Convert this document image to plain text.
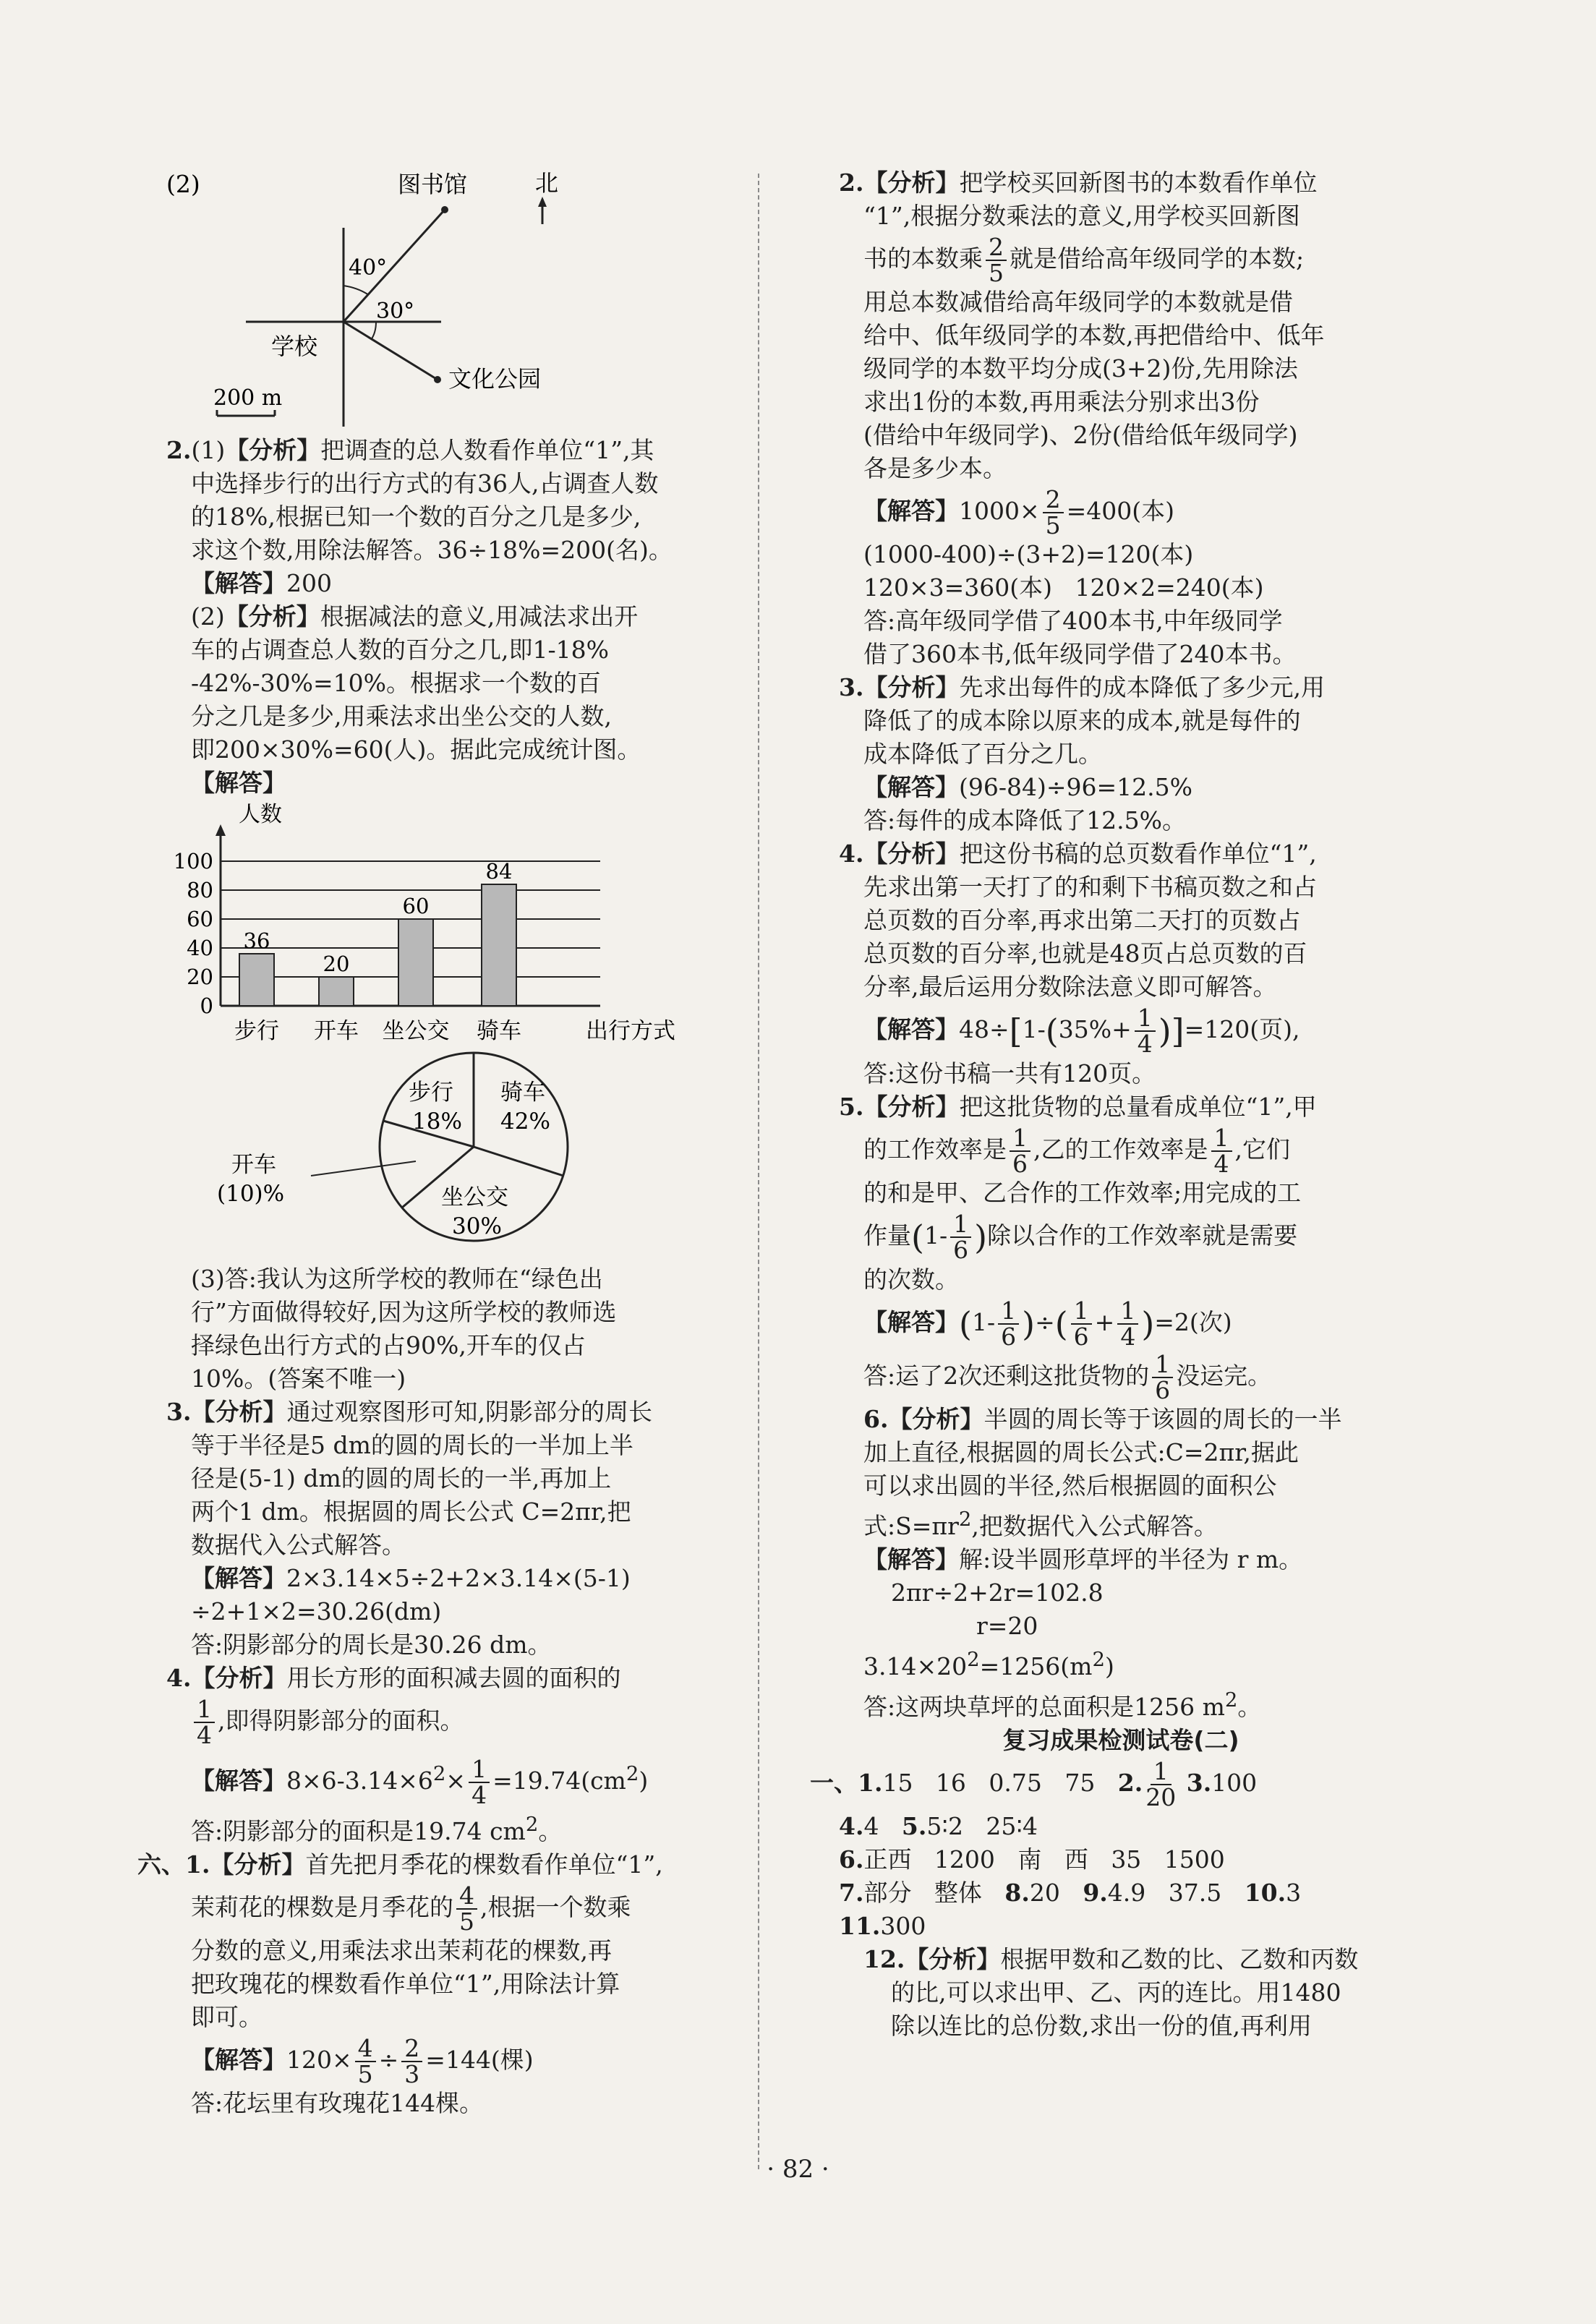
(2)	图书馆	北
40°
30°
学校
文化公园
200 m

2.(1)【分析】把调查的总人数看作单位“1”,其

中选择步行的出行方式的有36人,占调查人数

的18%,根据已知一个数的百分之几是多少,

求这个数,用除法解答。36÷18%=200(名)。

【解答】200

(2)【分析】根据减法的意义,用减法求出开

车的占调查总人数的百分之几,即1-18%

-42%-30%=10%。根据求一个数的百

分之几是多少,用乘法求出坐公交的人数,

即200×30%=60(人)。据此完成统计图。

【解答】

人数
出行方式
0
20
40
60
80
100
36
步行
20
开车
60
坐公交
84
骑车
步行
18%
骑车
42%
坐公交
30%
开车
(10)%

(3)答:我认为这所学校的教师在“绿色出

行”方面做得较好,因为这所学校的教师选

择绿色出行方式的占90%,开车的仅占

10%。(答案不唯一)

3.【分析】通过观察图形可知,阴影部分的周长

等于半径是5 dm的圆的周长的一半加上半

径是(5-1) dm的圆的周长的一半,再加上

两个1 dm。根据圆的周长公式 C=2πr,把

数据代入公式解答。

【解答】2×3.14×5÷2+2×3.14×(5-1)

÷2+1×2=30.26(dm)

答:阴影部分的周长是30.26 dm。

4.【分析】用长方形的面积减去圆的面积的

$\frac{1}{4}$ ,即得阴影部分的面积。

【解答】$8\times 6-3.14\times 6^2\times \frac{1}{4} =19.74(cm^2)$

答:阴影部分的面积是19.74 $cm^2$。

六、1.【分析】首先把月季花的棵数看作单位“1”,

茉莉花的棵数是月季花的 $\frac{4}{5}$ ,根据一个数乘

分数的意义,用乘法求出茉莉花的棵数,再

把玫瑰花的棵数看作单位“1”,用除法计算

即可。

【解答】$120\times \frac{4}{5} \div \frac{2}{3} =144$(棵)

答:花坛里有玫瑰花144棵。

2.【分析】把学校买回新图书的本数看作单位

“1”,根据分数乘法的意义,用学校买回新图

书的本数乘 $\frac{2}{5}$ 就是借给高年级同学的本数;

用总本数减借给高年级同学的本数就是借

给中、低年级同学的本数,再把借给中、低年

级同学的本数平均分成(3+2)份,先用除法

求出1份的本数,再用乘法分别求出3份

(借给中年级同学)、2份(借给低年级同学)

各是多少本。

【解答】$1000\times \frac{2}{5} =400$(本)

(1000-400)÷(3+2)=120(本)

120×3=360(本)   120×2=240(本)

答:高年级同学借了400本书,中年级同学

借了360本书,低年级同学借了240本书。

3.【分析】先求出每件的成本降低了多少元,用

降低了的成本除以原来的成本,就是每件的

成本降低了百分之几。

【解答】(96-84)÷96=12.5%

答:每件的成本降低了12.5%。

4.【分析】把这份书稿的总页数看作单位“1”,

先求出第一天打了的和剩下书稿页数之和占

总页数的百分率,再求出第二天打的页数占

总页数的百分率,也就是48页占总页数的百

分率,最后运用分数除法意义即可解答。

【解答】$48\div[1-(35\%+ \frac{1}{4} )]=120$(页),

答:这份书稿一共有120页。

5.【分析】把这批货物的总量看成单位“1”,甲

的工作效率是 $\frac{1}{6}$ ,乙的工作效率是 $\frac{1}{4}$ ,它们

的和是甲、乙合作的工作效率;用完成的工

作量($1- \frac{1}{6}$ )除以合作的工作效率就是需要

的次数。

【解答】($1- \frac{1}{6}$ )÷( $\frac{1}{6} + \frac{1}{4} )=2$(次)

答:运了2次还剩这批货物的 $\frac{1}{6}$ 没运完。

6.【分析】半圆的周长等于该圆的周长的一半

加上直径,根据圆的周长公式:C=2πr,据此

可以求出圆的半径,然后根据圆的面积公

式$:S=\pi r^2$,把数据代入公式解答。

【解答】解:设半圆形草坪的半径为 r m。

2πr÷2+2r=102.8

r=20

$3.14\times 20^2=1256(m^2)$

答:这两块草坪的总面积是1256 $m^2$。

复习成果检测试卷(二)

一、1.15   16   0.75   75   2. $\frac{1}{20} 3.100$

4.4   5.5∶2   25∶4

6.正西   1200   南   西   35   1500

7.部分   整体   8.20   9.4.9   37.5   10.3

11.300

12.【分析】根据甲数和乙数的比、乙数和丙数

的比,可以求出甲、乙、丙的连比。用1480

除以连比的总份数,求出一份的值,再利用

· 82 ·
